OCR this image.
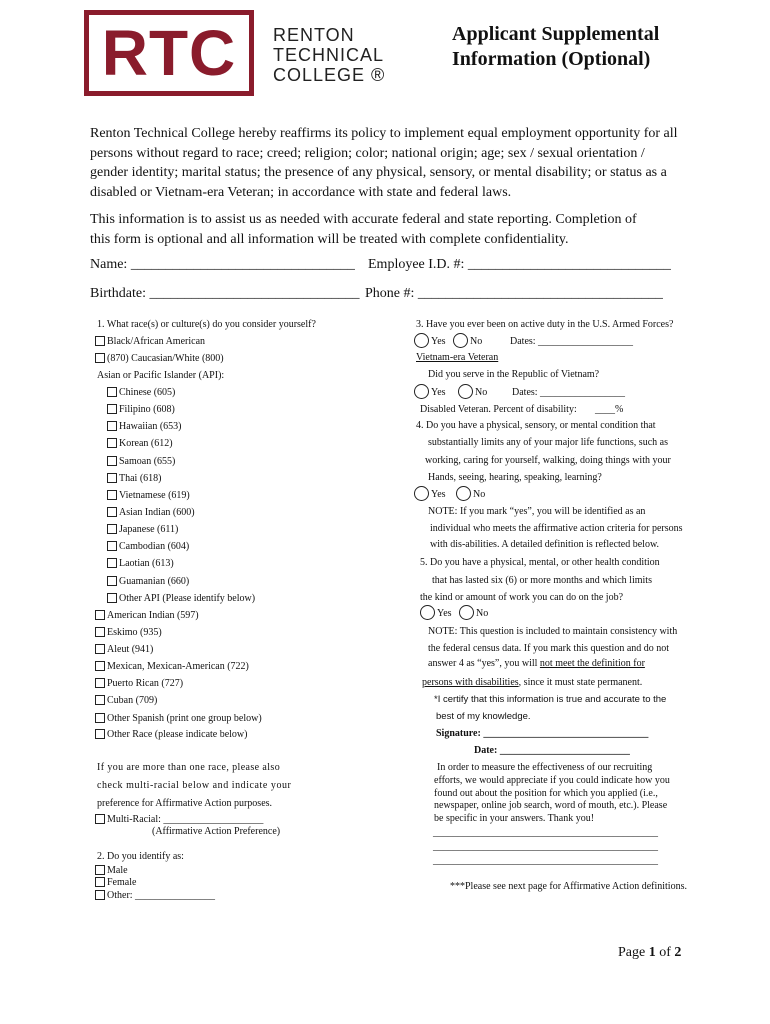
RTC RENTON
TECHNICAL
COLLEGE ®
Applicant Supplemental
Information (Optional)
Renton Technical College hereby reaffirms its policy to implement equal employment opportunity for all
persons without regard to race; creed; religion; color; national origin; age; sex / sexual orientation /
gender identity; marital status; the presence of any physical, sensory, or mental disability; or status as a
disabled or Vietnam-era Veteran; in accordance with state and federal laws.
This information is to assist us as needed with accurate federal and state reporting. Completion of
this form is optional and all information will be treated with complete confidentiality.
Name: ________________________________ Employee I.D. #: _____________________________
Birthdate: ______________________________ Phone #: ___________________________________
1. What race(s) or culture(s) do you consider yourself?
Black/African American
(870) Caucasian/White (800)
Asian or Pacific Islander (API):
Chinese (605)
Filipino (608)
Hawaiian (653)
Korean (612)
Samoan (655)
Thai (618)
Vietnamese (619)
Asian Indian (600)
Japanese (611)
Cambodian (604)
Laotian (613)
Guamanian (660)
Other API (Please identify below)
American Indian (597)
Eskimo (935)
Aleut (941)
Mexican, Mexican-American (722)
Puerto Rican (727)
Cuban (709)
Other Spanish (print one group below)
Other Race (please indicate below)
If you are more than one race, please also
check multi-racial below and indicate your
preference for Affirmative Action purposes.
Multi-Racial: ____________________
(Affirmative Action Preference)
2. Do you identify as:
Male
Female
Other: ________________
3. Have you ever been on active duty in the U.S. Armed Forces?
Yes	No	Dates: ___________________
Vietnam-era Veteran
Did you serve in the Republic of Vietnam?
Yes	No Dates: _________________
Disabled Veteran. Percent of disability: ____%
4. Do you have a physical, sensory, or mental condition that
substantially limits any of your major life functions, such as
working, caring for yourself, walking, doing things with your
Hands, seeing, hearing, speaking, learning?
Yes	No
NOTE: If you mark “yes”, you will be identified as an
individual who meets the affirmative action criteria for persons
with dis-abilities. A detailed definition is reflected below.
5. Do you have a physical, mental, or other health condition
that has lasted six (6) or more months and which limits
the kind or amount of work you can do on the job?
Yes	No
NOTE: This question is included to maintain consistency with
the federal census data. If you mark this question and do not
answer 4 as “yes”, you will not meet the definition for
persons with disabilities, since it must state permanent.
*I certify that this information is true and accurate to the
best of my knowledge.
Signature: _________________________________
Date: __________________________
In order to measure the effectiveness of our recruiting
efforts, we would appreciate if you could indicate how you
found out about the position for which you applied (i.e.,
newspaper, online job search, word of mouth, etc.). Please
be specific in your answers. Thank you!
_____________________________________________
_____________________________________________
_____________________________________________
***Please see next page for Affirmative Action definitions.
Page 1 of 2
